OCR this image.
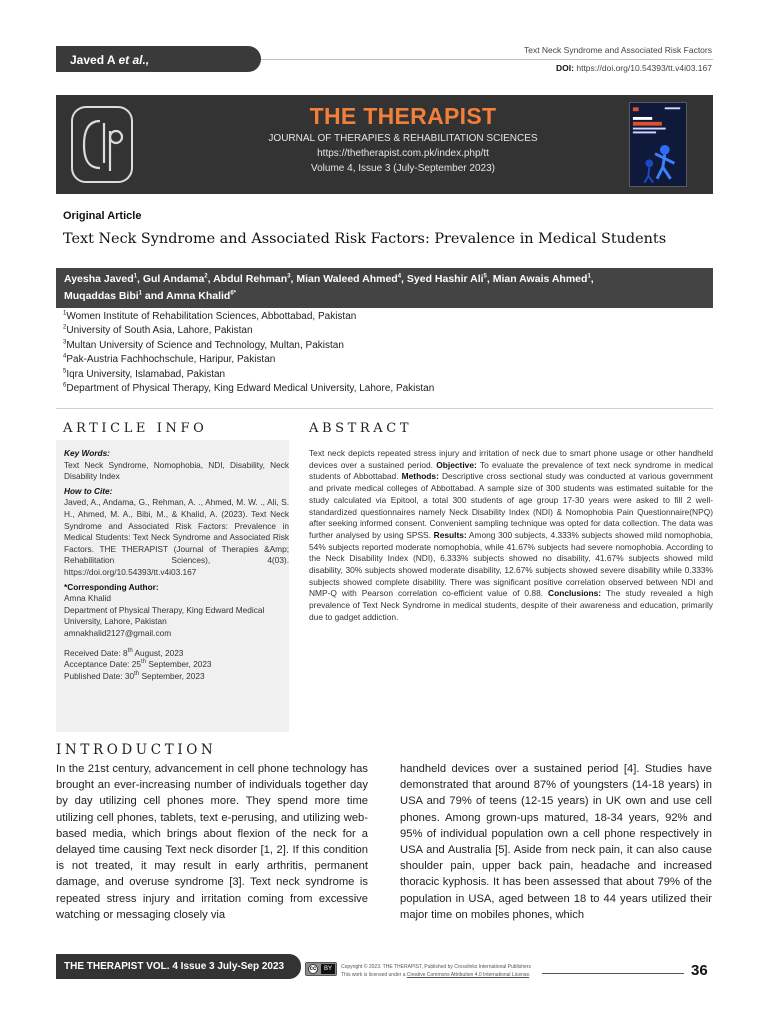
Javed A et al.,
Text Neck Syndrome and Associated Risk Factors
DOI: https://doi.org/10.54393/tt.v4i03.167
THE THERAPIST
JOURNAL OF THERAPIES & REHABILITATION SCIENCES
https://thetherapist.com.pk/index.php/tt
Volume 4, Issue 3 (July-September 2023)
Original Article
Text Neck Syndrome and Associated Risk Factors: Prevalence in Medical Students
Ayesha Javed$^1$, Gul Andama$^2$, Abdul Rehman$^3$, Mian Waleed Ahmed$^4$, Syed Hashir Ali$^5$, Mian Awais Ahmed$^1$,
Muqaddas Bibi$^1$ and Amna Khalid$^{6*}$
$^1$Women Institute of Rehabilitation Sciences, Abbottabad, Pakistan
$^2$University of South Asia, Lahore, Pakistan
$^3$Multan University of Science and Technology, Multan, Pakistan
$^4$Pak-Austria Fachhochschule, Haripur, Pakistan
$^5$Iqra University, Islamabad, Pakistan
$^6$Department of Physical Therapy, King Edward Medical University, Lahore, Pakistan
ARTICLE INFO	ABSTRACT
Key Words:
Text Neck Syndrome, Nomophobia, NDI, Disability, Neck Disability Index
How to Cite:
Javed, A., Andama, G., Rehman, A. ., Ahmed, M. W. ., Ali, S. H., Ahmed, M. A., Bibi, M., & Khalid, A. (2023). Text Neck Syndrome and Associated Risk Factors: Prevalence in Medical Students: Text Neck Syndrome and Associated Risk Factors. THE THERAPIST (Journal of Therapies &Amp; Rehabilitation Sciences), 4(03). https://doi.org/10.54393/tt.v4i03.167
*Corresponding Author:
Amna Khalid
Department of Physical Therapy, King Edward Medical University, Lahore, Pakistan
amnakhalid2127@gmail.com
Received Date: 8th August, 2023
Acceptance Date: 25th September, 2023
Published Date: 30th September, 2023
Text neck depicts repeated stress injury and irritation of neck due to smart phone usage or other handheld devices over a sustained period. Objective: To evaluate the prevalence of text neck syndrome in medical students of Abbottabad. Methods: Descriptive cross sectional study was conducted at various government and private medical colleges of Abbottabad. A sample size of 300 students was estimated suitable for the study calculated via Epitool, a total 300 students of age group 17-30 years were asked to fill 2 well- standardized questionnaires namely Neck Disability Index (NDI) & Nomophobia Pain Questionnaire(NPQ) after seeking informed consent. Convenient sampling technique was opted for data collection. The data was further analysed by using SPSS. Results: Among 300 subjects, 4.333% subjects showed mild nomophobia, 54% subjects reported moderate nomophobia, while 41.67% subjects had severe nomophobia. According to the Neck Disability Index (NDI), 6.333% subjects showed no disability, 41.67% subjects showed mild disability, 30% subjects showed moderate disability, 12.67% subjects showed severe disability while 0.333% subjects showed complete disability. There was significant positive correlation observed between NDI and NMP-Q with Pearson correlation co-efficient value of 0.88. Conclusions: The study revealed a high prevalence of Text Neck Syndrome in medical students, despite of their awareness and education, primarily due to gadget addiction.
INTRODUCTION
In the 21st century, advancement in cell phone technology has brought an ever-increasing number of individuals together day by day utilizing cell phones more. They spend more time utilizing cell phones, tablets, text e-perusing, and utilizing web-based media, which brings about flexion of the neck for a delayed time causing Text neck disorder [1, 2]. If this condition is not treated, it may result in early arthritis, permanent damage, and overuse syndrome [3]. Text neck syndrome is repeated stress injury and irritation coming from excessive watching or messaging closely via
handheld devices over a sustained period [4]. Studies have demonstrated that around 87% of youngsters (14-18 years) in USA and 79% of teens (12-15 years) in UK own and use cell phones. Among grown-ups matured, 18-34 years, 92% and 95% of individual population own a cell phone respectively in USA and Australia [5]. Aside from neck pain, it can also cause shoulder pain, upper back pain, headache and increased thoracic kyphosis. It has been assessed that about 79% of the population in USA, aged between 18 to 44 years utilized their major time on mobiles phones, which
THE THERAPIST VOL. 4 Issue 3 July-Sep 2023	cc	BY	Copyright © 2023. THE THERAPIST, Published by Crosslinks International Publishers
This work is licensed under a Creative Commons Attribution 4.0 International License.	36
